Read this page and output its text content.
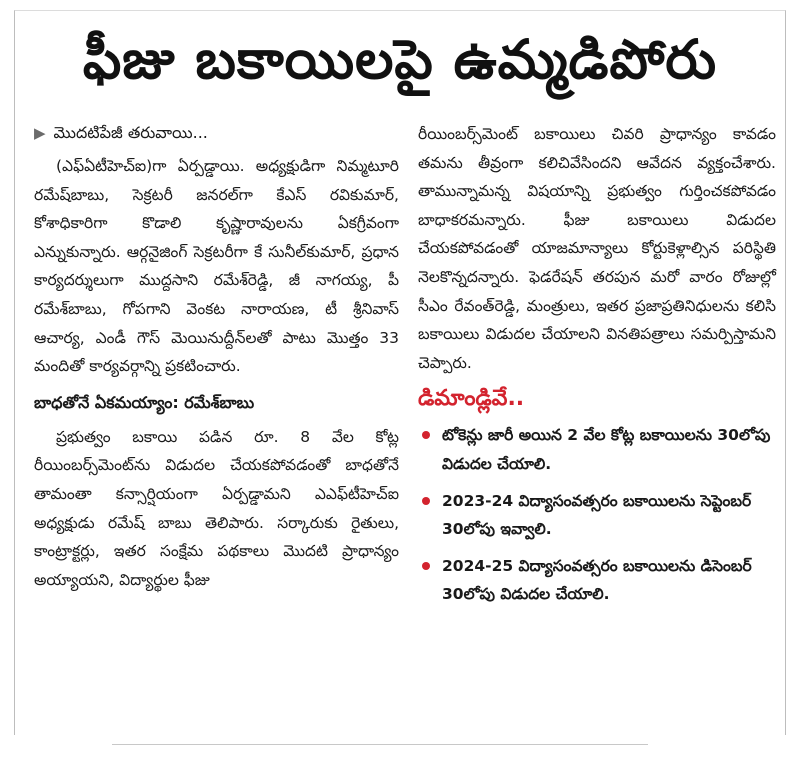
ఫీజు బకాయిలపై ఉమ్మడిపోరు
▶ మొదటిపేజీ తరువాయి...

(ఎఫ్ఏటీహెచ్ఐ)గా ఏర్పడ్డాయి. అధ్యక్షుడిగా నిమ్మటూరి రమేష్‌బాబు, సెక్రటరీ జనరల్‌గా కేఎస్ రవికుమార్, కోశాధికారిగా కొడాలి కృష్ణారావులను ఏకగ్రీవంగా ఎన్నుకున్నారు. ఆర్గనైజింగ్ సెక్రటరీగా కే సునీల్‌కుమార్, ప్రధాన కార్యదర్శులుగా ముద్దసాని రమేశ్‌రెడ్డి, జీ నాగయ్య, పీ రమేశ్‌బాబు, గోపగాని వెంకట నారాయణ, టీ శ్రీనివాస్ ఆచార్య, ఎండీ గౌస్ మెయినుద్దీన్‌లతో పాటు మొత్తం 33 మందితో కార్యవర్గాన్ని ప్రకటించారు.

బాధతోనే ఏకమయ్యాం: రమేశ్‌బాబు

ప్రభుత్వం బకాయి పడిన రూ. 8 వేల కోట్ల రీయింబర్స్‌మెంట్‌ను విడుదల చేయకపోవడంతో బాధతోనే తామంతా కన్సార్షియంగా ఏర్పడ్డామని ఎఎఫ్‌టీహెచ్ఐ అధ్యక్షుడు రమేష్ బాబు తెలిపారు. సర్కారుకు రైతులు, కాంట్రాక్టర్లు, ఇతర సంక్షేమ పథకాలు మొదటి ప్రాధాన్యం అయ్యాయని, విద్యార్థుల ఫీజు

రీయింబర్స్‌మెంట్ బకాయిలు చివరి ప్రాధాన్యం కావడం తమను తీవ్రంగా కలిచివేసిందని ఆవేదన వ్యక్తంచేశారు. తామున్నామన్న విషయాన్ని ప్రభుత్వం గుర్తించకపోవడం బాధాకరమన్నారు. ఫీజు బకాయిలు విడుదల చేయకపోవడంతో యాజమాన్యాలు కోర్టుకెళ్లాల్సిన పరిస్థితి నెలకొన్నదన్నారు. ఫెడరేషన్ తరపున మరో వారం రోజుల్లో సీఎం రేవంత్‌రెడ్డి, మంత్రులు, ఇతర ప్రజాప్రతినిధులను కలిసి బకాయిలు విడుదల చేయాలని వినతిపత్రాలు సమర్పిస్తామని చెప్పారు.

డిమాండ్లివే..
టోకెన్లు జారీ అయిన 2 వేల కోట్ల బకాయిలను 30లోపు విడుదల చేయాలి.
2023-24 విద్యాసంవత్సరం బకాయిలను సెప్టెంబర్ 30లోపు ఇవ్వాలి.
2024-25 విద్యాసంవత్సరం బకాయిలను డిసెంబర్ 30లోపు విడుదల చేయాలి.
